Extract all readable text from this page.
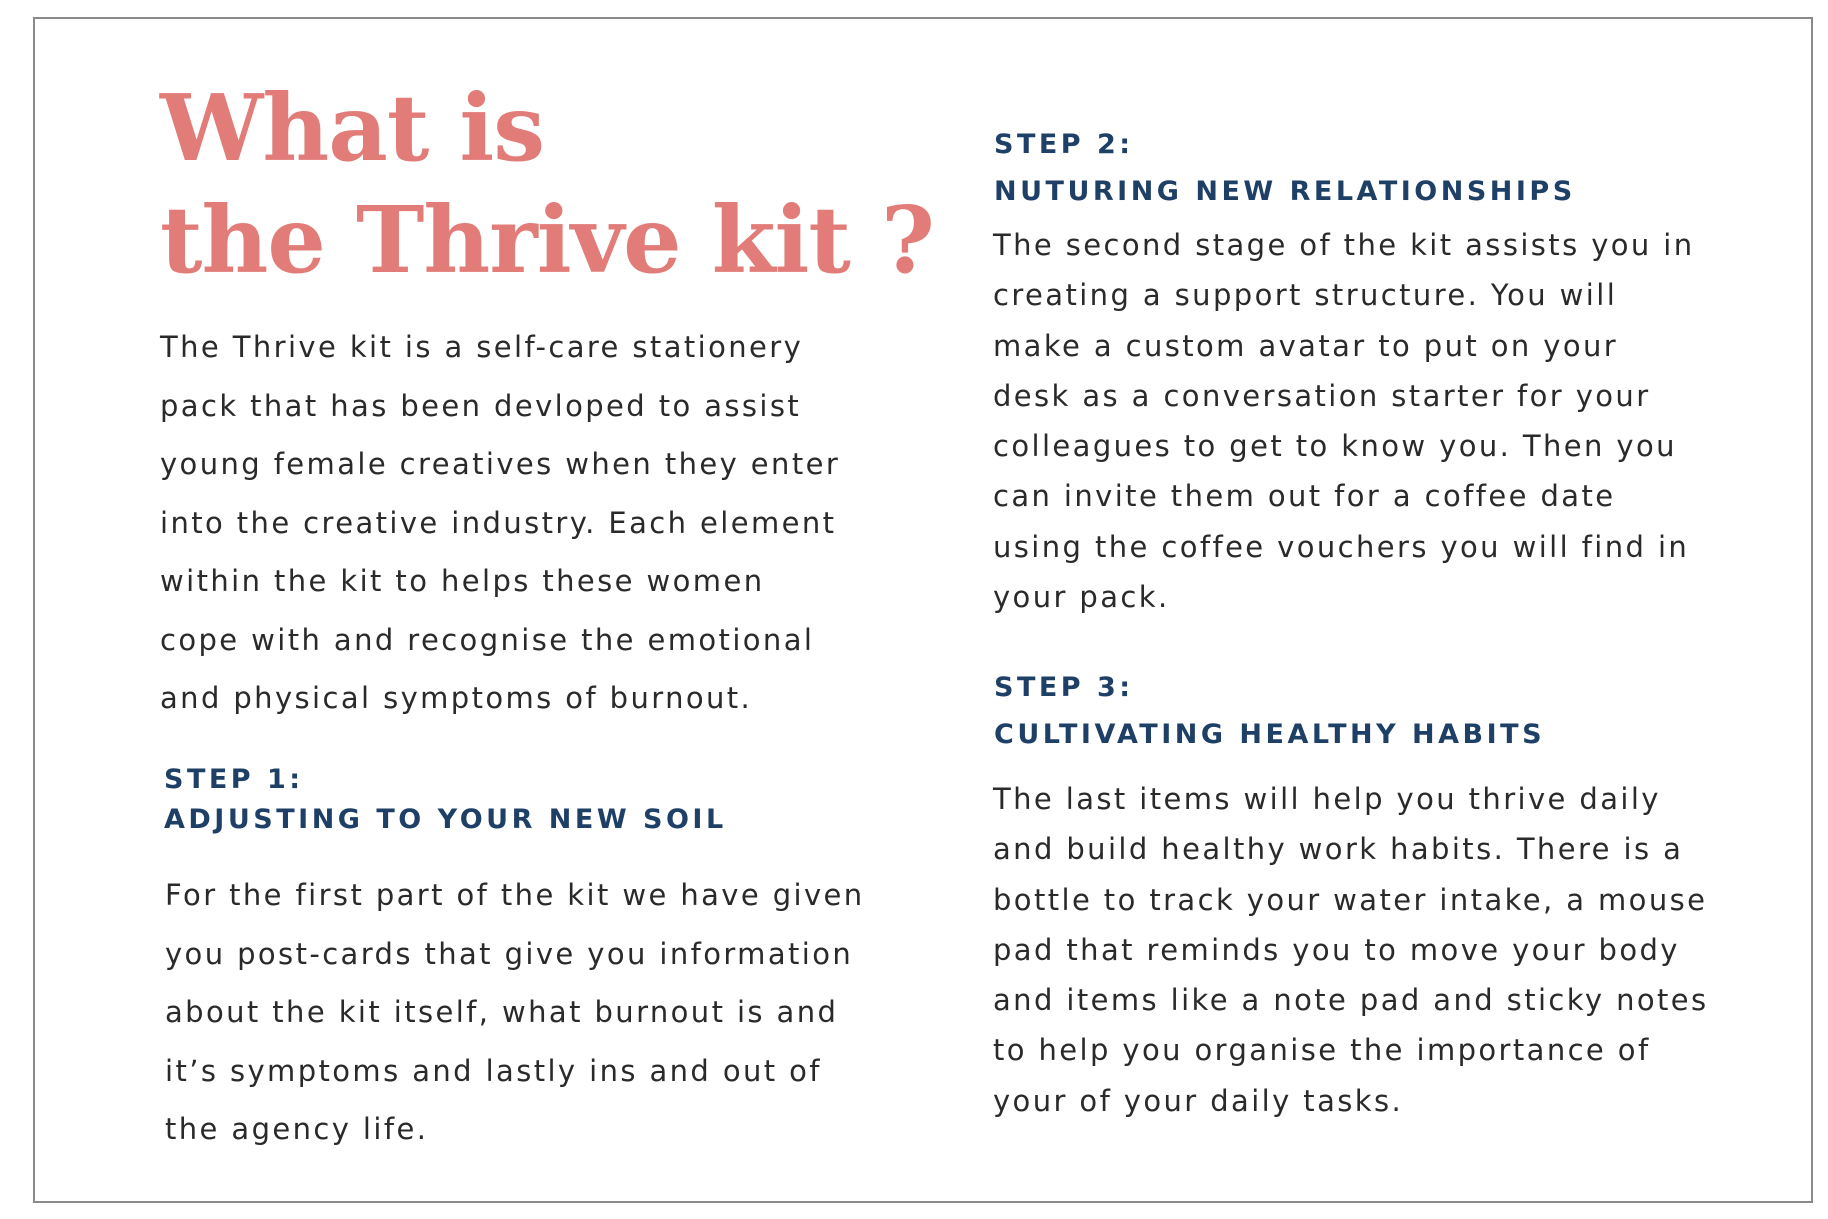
What is
the Thrive kit ?

The Thrive kit is a self-care stationery
pack that has been devloped to assist
young female creatives when they enter
into the creative industry. Each element
within the kit to helps these women
cope with and recognise the emotional
and physical symptoms of burnout.

STEP 1:
ADJUSTING TO YOUR NEW SOIL

For the first part of the kit we have given
you post-cards that give you information
about the kit itself, what burnout is and
it’s symptoms and lastly ins and out of
the agency life.

STEP 2:
NUTURING NEW RELATIONSHIPS

The second stage of the kit assists you in
creating a support structure. You will
make a custom avatar to put on your
desk as a conversation starter for your
colleagues to get to know you. Then you
can invite them out for a coffee date
using the coffee vouchers you will find in
your pack.

STEP 3:
CULTIVATING HEALTHY HABITS

The last items will help you thrive daily
and build healthy work habits. There is a
bottle to track your water intake, a mouse
pad that reminds you to move your body
and items like a note pad and sticky notes
to help you organise the importance of
your of your daily tasks.
